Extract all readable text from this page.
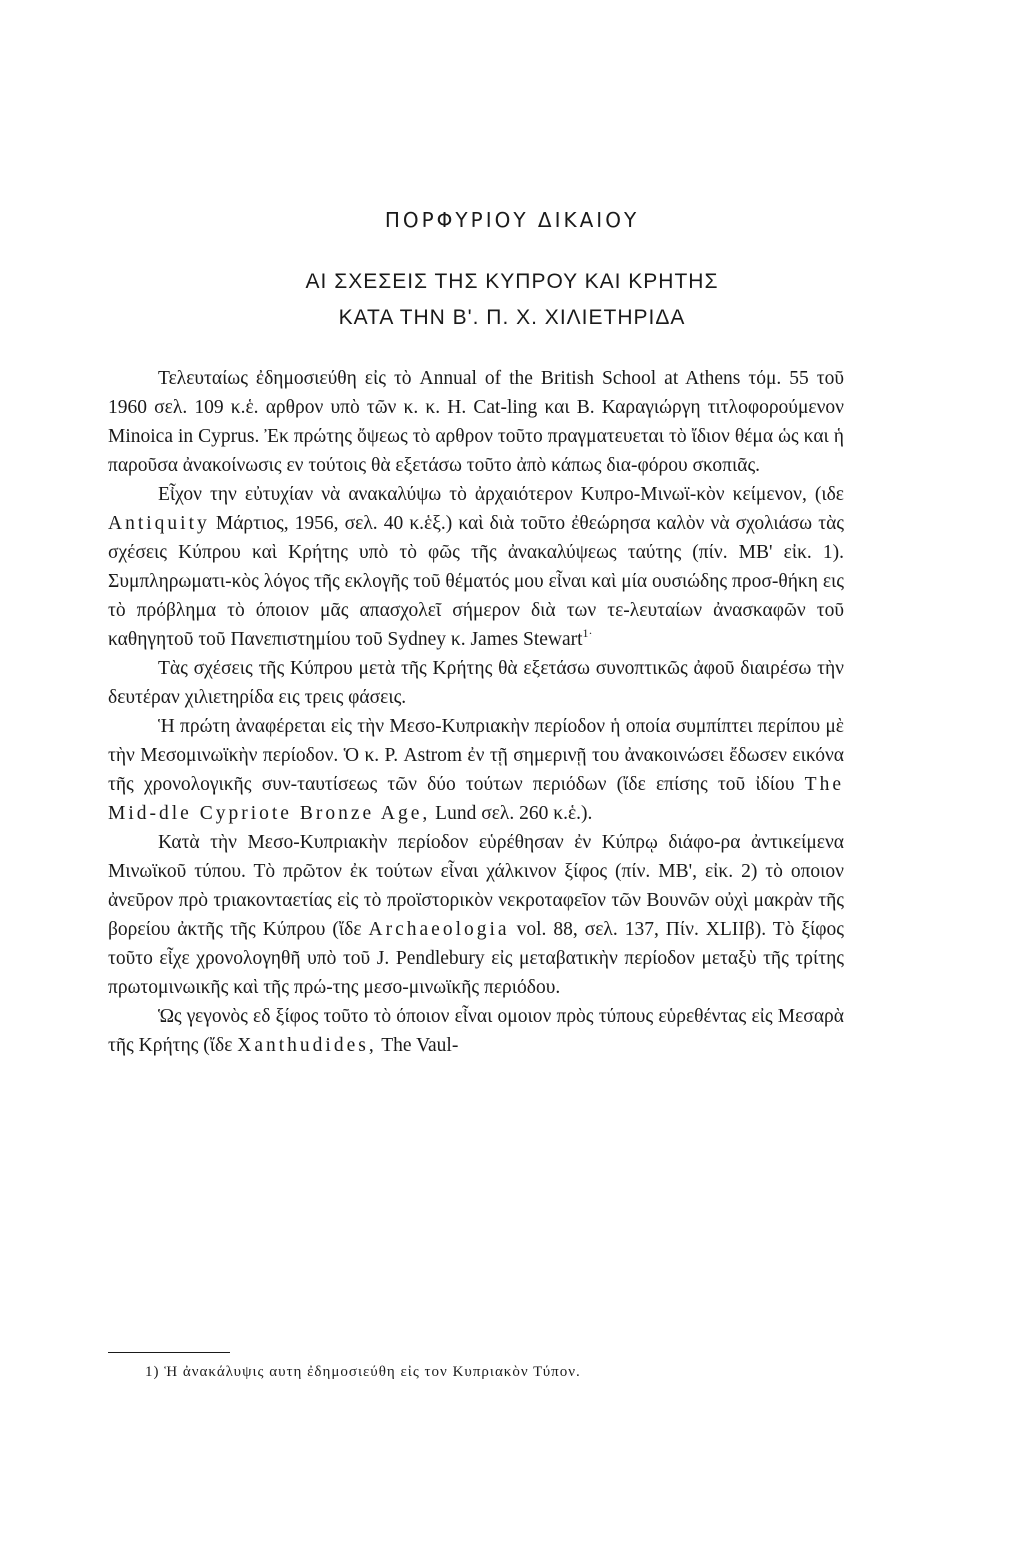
ΠΟΡΦΥΡΙΟΥ ΔΙΚΑΙΟΥ
ΑΙ ΣΧΕΣΕΙΣ ΤΗΣ ΚΥΠΡΟΥ ΚΑΙ ΚΡΗΤΗΣ
ΚΑΤΑ ΤΗΝ Β'. Π. Χ. ΧΙΛΙΕΤΗΡΙΔΑ

Τελευταίως ἐδημοσιεύθη εἰς τὸ Annual of the British School at Athens τόμ. 55 τοῦ 1960 σελ. 109 κ.ἑ. αρθρον υπὸ τῶν κ. κ. Η. Cat-ling και Β. Καραγιώργη τιτλοφορούμενον Minoica in Cyprus. Ἐκ πρώτης ὄψεως τὸ αρθρον τοῦτο πραγματευεται τὸ ἴδιον θέμα ὡς και ἡ παροῦσα ἀνακοίνωσις εν τούτοις θὰ εξετάσω τοῦτο ἀπὸ κάπως δια-φόρου σκοπιᾶς.

Εἶχον την εὐτυχίαν νὰ ανακαλύψω τὸ ἀρχαιότερον Κυπρο-Μινωϊ-κὸν κείμενον, (ιδε Antiquity Μάρτιος, 1956, σελ. 40 κ.ἑξ.) καὶ διὰ τοῦτο ἐθεώρησα καλὸν νὰ σχολιάσω τὰς σχέσεις Κύπρου καὶ Κρήτης υπὸ τὸ φῶς τῆς ἀνακαλύψεως ταύτης (πίν. ΜΒ' εἰκ. 1). Συμπληρωματι-κὸς λόγος τῆς εκλογῆς τοῦ θέματός μου εἶναι καὶ μία ουσιώδης προσ-θήκη εις τὸ πρόβλημα τὸ όποιον μᾶς απασχολεῖ σήμερον διὰ των τε-λευταίων ἀνασκαφῶν τοῦ καθηγητοῦ τοῦ Πανεπιστημίου τοῦ Sydney κ. James Stewart$^{1\cdot}$

Τὰς σχέσεις τῆς Κύπρου μετὰ τῆς Κρήτης θὰ εξετάσω συνοπτικῶς ἀφοῦ διαιρέσω τὴν δευτέραν χιλιετηρίδα εις τρεις φάσεις.

Ἡ πρώτη ἀναφέρεται εἰς τὴν Μεσο-Κυπριακὴν περίοδον ἡ οποία συμπίπτει περίπου μὲ τὴν Μεσομινωϊκὴν περίοδον. Ὁ κ. Ρ. Astrom ἐν τῇ σημερινῇ του ἀνακοινώσει ἔδωσεν εικόνα τῆς χρονολογικῆς συν-ταυτίσεως τῶν δύο τούτων περιόδων (ἴδε επίσης τοῦ ἰδίου The Mid-dle Cypriote Bronze Age, Lund σελ. 260 κ.ἑ.).

Κατὰ τὴν Μεσο-Κυπριακὴν περίοδον εὑρέθησαν ἐν Κύπρῳ διάφο-ρα ἀντικείμενα Μινωϊκοῦ τύπου. Τὸ πρῶτον ἐκ τούτων εἶναι χάλκινον ξίφος (πίν. ΜΒ', εἰκ. 2) τὸ οποιον ἀνεῦρον πρὸ τριακονταετίας εἰς τὸ προϊστορικὸν νεκροταφεῖον τῶν Βουνῶν οὐχὶ μακρὰν τῆς βορείου ἀκτῆς τῆς Κύπρου (ἴδε Archaeologia vol. 88, σελ. 137, Πίν. XLIIβ). Τὸ ξίφος τοῦτο εἶχε χρονολογηθῆ υπὸ τοῦ J. Pendlebury εἰς μεταβατικὴν περίοδον μεταξὺ τῆς τρίτης πρωτομινωικῆς καὶ τῆς πρώ-της μεσο-μινωϊκῆς περιόδου.

Ὡς γεγονὸς εδ ξίφος τοῦτο τὸ όποιον εἶναι ομοιον πρὸς τύπους εὑρεθέντας εἰς Μεσαρὰ τῆς Κρήτης (ἴδε Xanthudides, The Vaul-

1) Ἡ ἀνακάλυψις αυτη ἐδημοσιεύθη εἰς τον Κυπριακὸν Τύπον.
